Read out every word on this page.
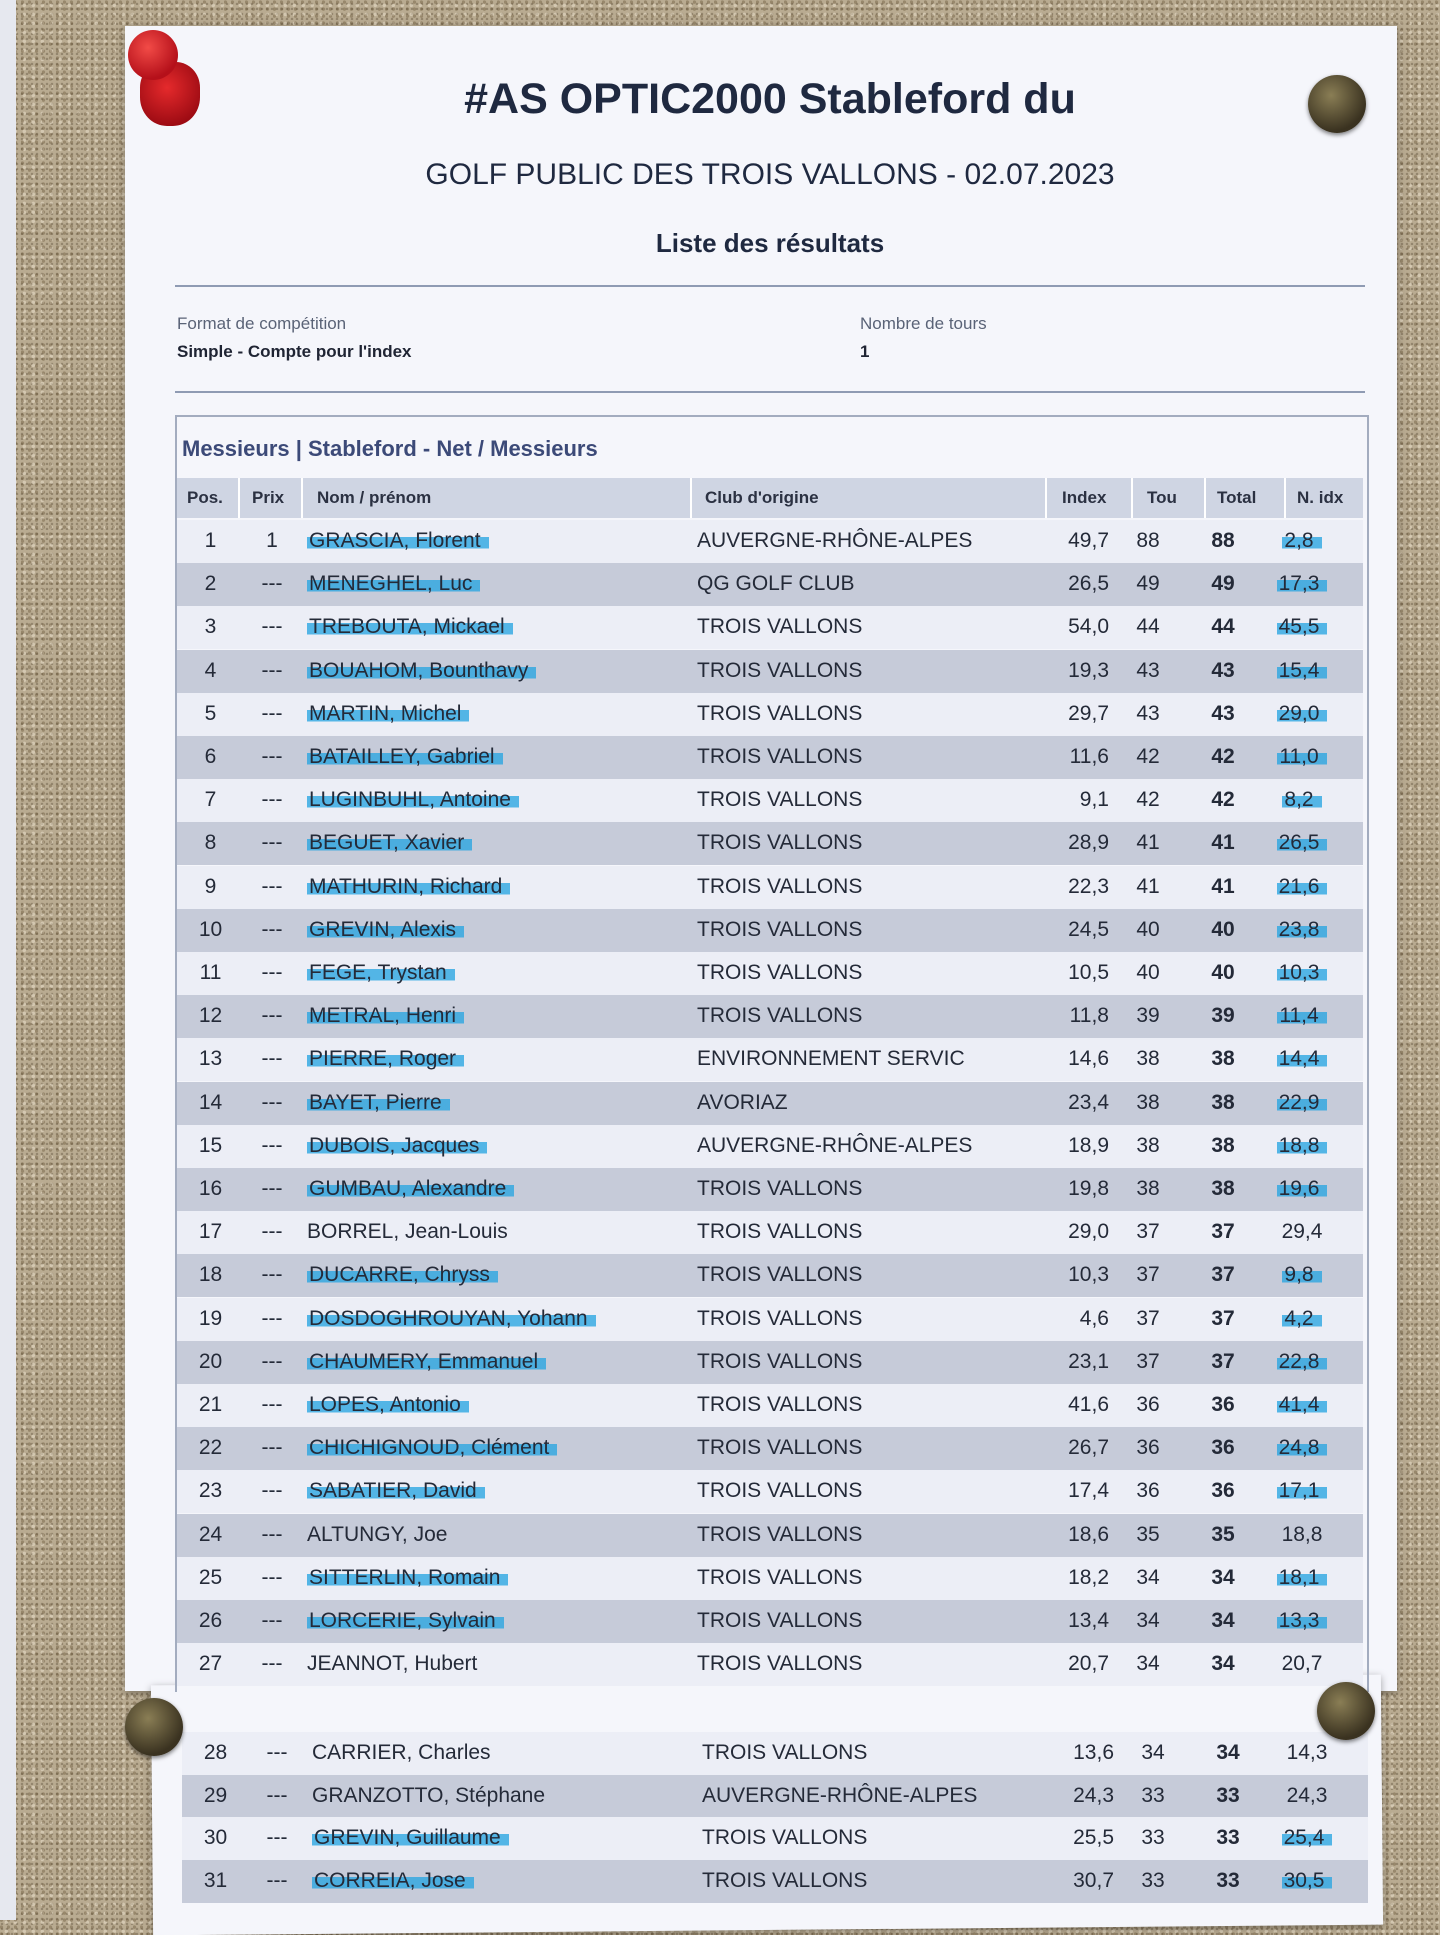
#AS OPTIC2000 Stableford du
GOLF PUBLIC DES TROIS VALLONS - 02.07.2023
Liste des résultats
Format de compétition
Simple - Compte pour l'index
Nombre de tours
1
Messieurs | Stableford - Net / Messieurs
Pos. Prix Nom / prénom	Club d'origine	Index Tou Total N. idx
1	1	GRASCIA, Florent	AUVERGNE-RHÔNE-ALPES	49,7	88	88	2,8
2	---	MENEGHEL, Luc	QG GOLF CLUB	26,5	49	49	17,3
3	---	TREBOUTA, Mickael	TROIS VALLONS	54,0	44	44	45,5
4	---	BOUAHOM, Bounthavy	TROIS VALLONS	19,3	43	43	15,4
5	---	MARTIN, Michel	TROIS VALLONS	29,7	43	43	29,0
6	---	BATAILLEY, Gabriel	TROIS VALLONS	11,6	42	42	11,0
7	---	LUGINBUHL, Antoine	TROIS VALLONS	9,1	42	42	8,2
8	---	BEGUET, Xavier	TROIS VALLONS	28,9	41	41	26,5
9	---	MATHURIN, Richard	TROIS VALLONS	22,3	41	41	21,6
10	---	GREVIN, Alexis	TROIS VALLONS	24,5	40	40	23,8
11	---	FEGE, Trystan	TROIS VALLONS	10,5	40	40	10,3
12	---	METRAL, Henri	TROIS VALLONS	11,8	39	39	11,4
13	---	PIERRE, Roger	ENVIRONNEMENT SERVIC	14,6	38	38	14,4
14	---	BAYET, Pierre	AVORIAZ	23,4	38	38	22,9
15	---	DUBOIS, Jacques	AUVERGNE-RHÔNE-ALPES	18,9	38	38	18,8
16	---	GUMBAU, Alexandre	TROIS VALLONS	19,8	38	38	19,6
17	---	BORREL, Jean-Louis	TROIS VALLONS	29,0	37	37	29,4
18	---	DUCARRE, Chryss	TROIS VALLONS	10,3	37	37	9,8
19	---	DOSDOGHROUYAN, Yohann	TROIS VALLONS	4,6	37	37	4,2
20	---	CHAUMERY, Emmanuel	TROIS VALLONS	23,1	37	37	22,8
21	---	LOPES, Antonio	TROIS VALLONS	41,6	36	36	41,4
22	---	CHICHIGNOUD, Clément	TROIS VALLONS	26,7	36	36	24,8
23	---	SABATIER, David	TROIS VALLONS	17,4	36	36	17,1
24	---	ALTUNGY, Joe	TROIS VALLONS	18,6	35	35	18,8
25	---	SITTERLIN, Romain	TROIS VALLONS	18,2	34	34	18,1
26	---	LORCERIE, Sylvain	TROIS VALLONS	13,4	34	34	13,3
27	---	JEANNOT, Hubert	TROIS VALLONS	20,7	34	34	20,7
28	---	CARRIER, Charles	TROIS VALLONS	13,6	34	34	14,3
29	---	GRANZOTTO, Stéphane	AUVERGNE-RHÔNE-ALPES	24,3	33	33	24,3
30	---	GREVIN, Guillaume	TROIS VALLONS	25,5	33	33	25,4
31	---	CORREIA, Jose	TROIS VALLONS	30,7	33	33	30,5
